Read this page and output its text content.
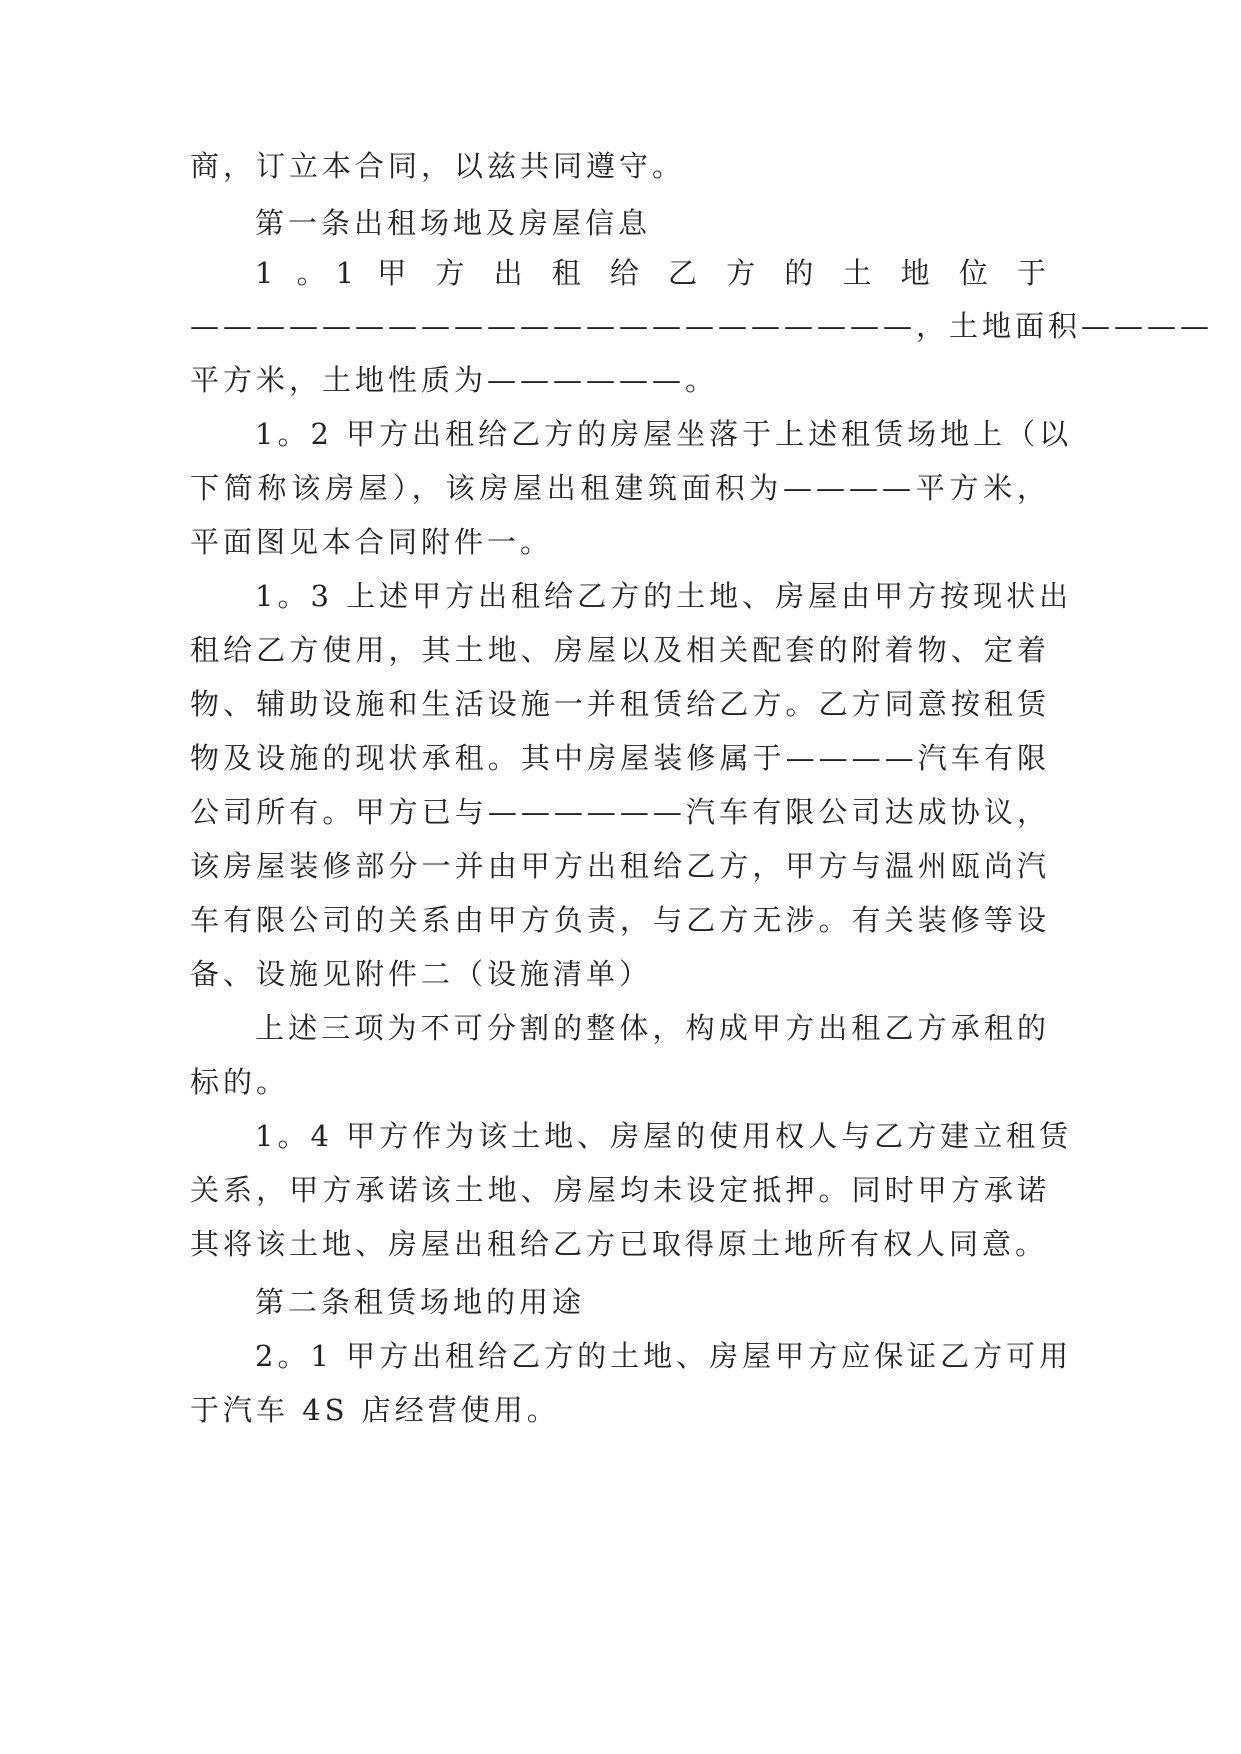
商，订立本合同，以兹共同遵守。
第一条出租场地及房屋信息
1 。1 甲 方 出 租 给 乙 方 的 土 地 位 于
——————————————————————，土地面积————
平方米，土地性质为——————。
1。2 甲方出租给乙方的房屋坐落于上述租赁场地上（以
下简称该房屋），该房屋出租建筑面积为————平方米，
平面图见本合同附件一。
1。3 上述甲方出租给乙方的土地、房屋由甲方按现状出
租给乙方使用，其土地、房屋以及相关配套的附着物、定着
物、辅助设施和生活设施一并租赁给乙方。乙方同意按租赁
物及设施的现状承租。其中房屋装修属于————汽车有限
公司所有。甲方已与——————汽车有限公司达成协议，
该房屋装修部分一并由甲方出租给乙方，甲方与温州瓯尚汽
车有限公司的关系由甲方负责，与乙方无涉。有关装修等设
备、设施见附件二（设施清单）
上述三项为不可分割的整体，构成甲方出租乙方承租的
标的。
1。4 甲方作为该土地、房屋的使用权人与乙方建立租赁
关系，甲方承诺该土地、房屋均未设定抵押。同时甲方承诺
其将该土地、房屋出租给乙方已取得原土地所有权人同意。
第二条租赁场地的用途
2。1 甲方出租给乙方的土地、房屋甲方应保证乙方可用
于汽车 4S 店经营使用。
